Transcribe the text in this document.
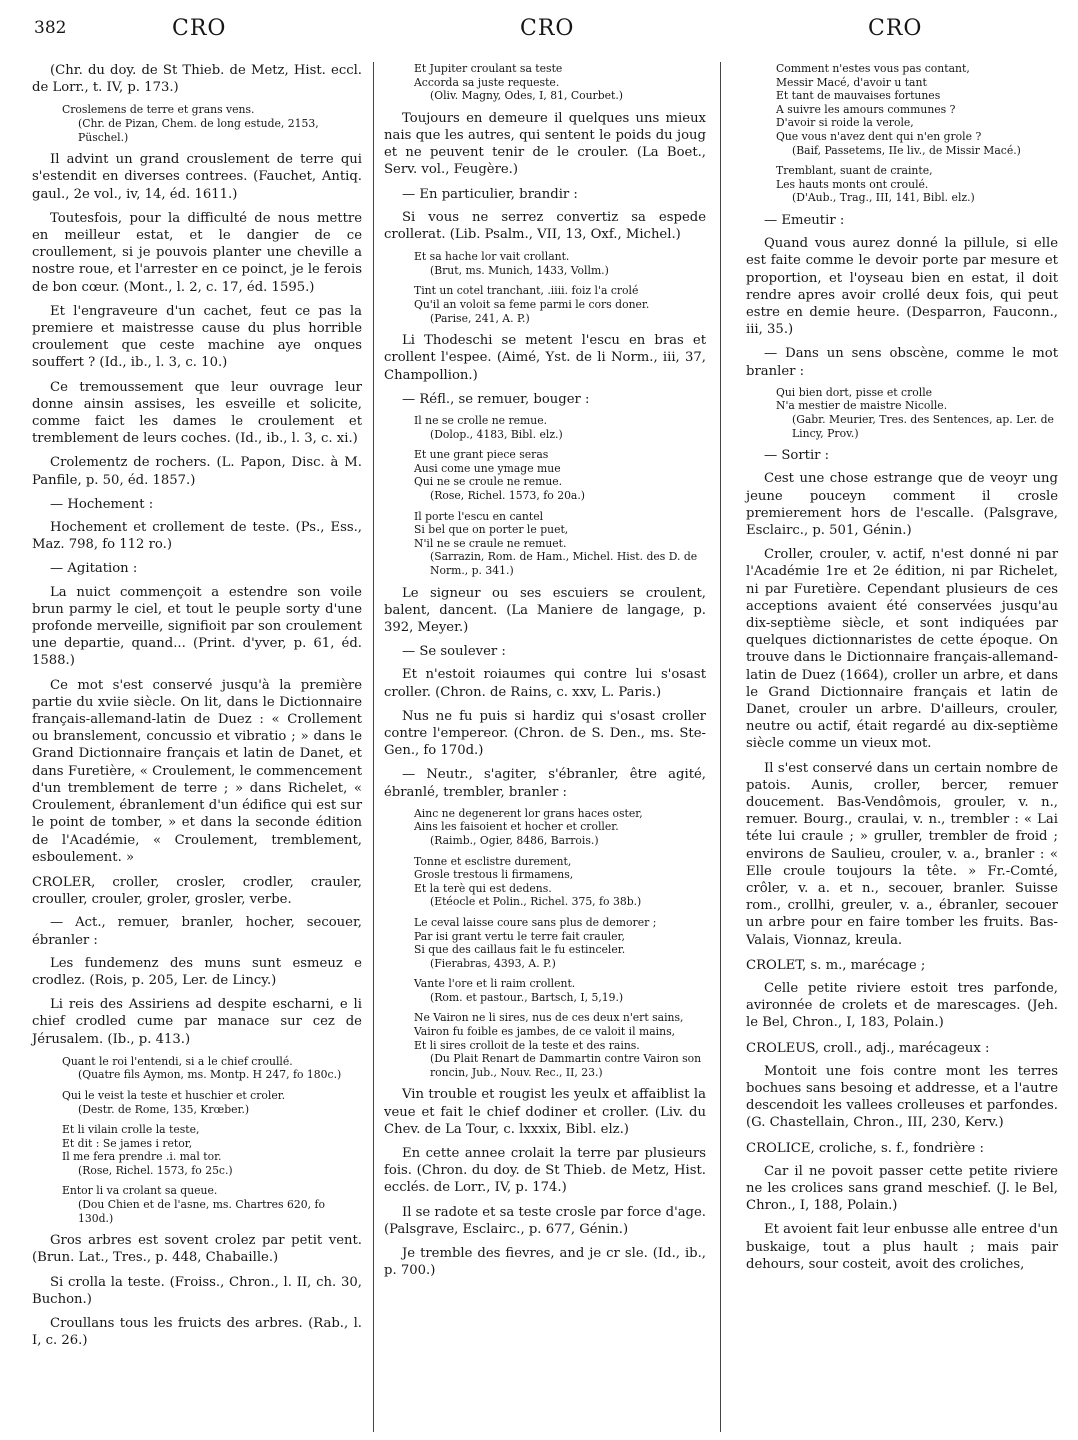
382	CRO	CRO	CRO

(Chr. du doy. de St Thieb. de Metz, Hist. eccl. de Lorr., t. IV, p. 173.)

Croslemens de terre et grans vens.
(Chr. de Pizan, Chem. de long estude, 2153, Püschel.)

Il advint un grand crouslement de terre qui s'estendit en diverses contrees. (Fauchet, Antiq. gaul., 2e vol., iv, 14, éd. 1611.)

Toutesfois, pour la difficulté de nous mettre en meilleur estat, et le dangier de ce croullement, si je pouvois planter une cheville a nostre roue, et l'arrester en ce poinct, je le ferois de bon cœur. (Mont., l. 2, c. 17, éd. 1595.)

Et l'engraveure d'un cachet, feut ce pas la premiere et maistresse cause du plus horrible croulement que ceste machine aye onques souffert ? (Id., ib., l. 3, c. 10.)

Ce tremoussement que leur ouvrage leur donne ainsin assises, les esveille et solicite, comme faict les dames le croulement et tremblement de leurs coches. (Id., ib., l. 3, c. xi.)

Crolementz de rochers. (L. Papon, Disc. à M. Panfile, p. 50, éd. 1857.)

— Hochement :

Hochement et crollement de teste. (Ps., Ess., Maz. 798, fo 112 ro.)

— Agitation :

La nuict commençoit a estendre son voile brun parmy le ciel, et tout le peuple sorty d'une profonde merveille, signifioit par son croulement une departie, quand... (Print. d'yver, p. 61, éd. 1588.)

Ce mot s'est conservé jusqu'à la première partie du xviie siècle. On lit, dans le Dictionnaire français-allemand-latin de Duez : « Crollement ou branslement, concussio et vibratio ; » dans le Grand Dictionnaire français et latin de Danet, et dans Furetière, « Croulement, le commencement d'un tremblement de terre ; » dans Richelet, « Croulement, ébranlement d'un édifice qui est sur le point de tomber, » et dans la seconde édition de l'Académie, « Croulement, tremblement, esboulement. »

CROLER, croller, crosler, crodler, crauler, crouller, crouler, groler, grosler, verbe.

— Act., remuer, branler, hocher, secouer, ébranler :

Les fundemenz des muns sunt esmeuz e crodlez. (Rois, p. 205, Ler. de Lincy.)

Li reis des Assiriens ad despite escharni, e li chief crodled cume par manace sur cez de Jérusalem. (Ib., p. 413.)

Quant le roi l'entendi, si a le chief croullé.
(Quatre fils Aymon, ms. Montp. H 247, fo 180c.)
Qui le veist la teste et huschier et croler.
(Destr. de Rome, 135, Krœber.)
Et li vilain crolle la teste,
Et dit : Se james i retor,
Il me fera prendre .i. mal tor.
(Rose, Richel. 1573, fo 25c.)
Entor li va crolant sa queue.
(Dou Chien et de l'asne, ms. Chartres 620, fo 130d.)

Gros arbres est sovent crolez par petit vent. (Brun. Lat., Tres., p. 448, Chabaille.)

Si crolla la teste. (Froiss., Chron., l. II, ch. 30, Buchon.)

Croullans tous les fruicts des arbres. (Rab., l. I, c. 26.)

Et Jupiter croulant sa teste
Accorda sa juste requeste.
(Oliv. Magny, Odes, I, 81, Courbet.)

Toujours en demeure il quelques uns mieux nais que les autres, qui sentent le poids du joug et ne peuvent tenir de le crouler. (La Boet., Serv. vol., Feugère.)

— En particulier, brandir :

Si vous ne serrez convertiz sa espede crollerat. (Lib. Psalm., VII, 13, Oxf., Michel.)

Et sa hache lor vait crollant.
(Brut, ms. Munich, 1433, Vollm.)
Tint un cotel tranchant, .iiii. foiz l'a crolé
Qu'il an voloit sa feme parmi le cors doner.
(Parise, 241, A. P.)

Li Thodeschi se metent l'escu en bras et crollent l'espee. (Aimé, Yst. de li Norm., iii, 37, Champollion.)

— Réfl., se remuer, bouger :

Il ne se crolle ne remue.
(Dolop., 4183, Bibl. elz.)
Et une grant piece seras
Ausi come une ymage mue
Qui ne se croule ne remue.
(Rose, Richel. 1573, fo 20a.)
Il porte l'escu en cantel
Si bel que on porter le puet,
N'il ne se craule ne remuet.
(Sarrazin, Rom. de Ham., Michel. Hist. des D. de Norm., p. 341.)

Le signeur ou ses escuiers se croulent, balent, dancent. (La Maniere de langage, p. 392, Meyer.)

— Se soulever :

Et n'estoit roiaumes qui contre lui s'osast croller. (Chron. de Rains, c. xxv, L. Paris.)

Nus ne fu puis si hardiz qui s'osast croller contre l'empereor. (Chron. de S. Den., ms. Ste-Gen., fo 170d.)

— Neutr., s'agiter, s'ébranler, être agité, ébranlé, trembler, branler :

Ainc ne degenerent lor grans haces oster,
Ains les faisoient et hocher et croller.
(Raimb., Ogier, 8486, Barrois.)
Tonne et esclistre durement,
Grosle trestous li firmamens,
Et la terè qui est dedens.
(Etéocle et Polin., Richel. 375, fo 38b.)
Le ceval laisse coure sans plus de demorer ;
Par isi grant vertu le terre fait crauler,
Si que des caillaus fait le fu estinceler.
(Fierabras, 4393, A. P.)
Vante l'ore et li raim crollent.
(Rom. et pastour., Bartsch, I, 5,19.)
Ne Vairon ne li sires, nus de ces deux n'ert sains,
Vairon fu foible es jambes, de ce valoit il mains,
Et li sires crolloit de la teste et des rains.
(Du Plait Renart de Dammartin contre Vairon son roncin, Jub., Nouv. Rec., II, 23.)

Vin trouble et rougist les yeulx et affaiblist la veue et fait le chief dodiner et croller. (Liv. du Chev. de La Tour, c. lxxxix, Bibl. elz.)

En cette annee crolait la terre par plusieurs fois. (Chron. du doy. de St Thieb. de Metz, Hist. ecclés. de Lorr., IV, p. 174.)

Il se radote et sa teste crosle par force d'age. (Palsgrave, Esclairc., p. 677, Génin.)

Je tremble des fievres, and je cr sle. (Id., ib., p. 700.)

Comment n'estes vous pas contant,
Messir Macé, d'avoir u tant
Et tant de mauvaises fortunes
A suivre les amours communes ?
D'avoir si roide la verole,
Que vous n'avez dent qui n'en grole ?
(Baif, Passetems, IIe liv., de Missir Macé.)
Tremblant, suant de crainte,
Les hauts monts ont croulé.
(D'Aub., Trag., III, 141, Bibl. elz.)

— Emeutir :

Quand vous aurez donné la pillule, si elle est faite comme le devoir porte par mesure et proportion, et l'oyseau bien en estat, il doit rendre apres avoir crollé deux fois, qui peut estre en demie heure. (Desparron, Fauconn., iii, 35.)

— Dans un sens obscène, comme le mot branler :

Qui bien dort, pisse et crolle
N'a mestier de maistre Nicolle.
(Gabr. Meurier, Tres. des Sentences, ap. Ler. de Lincy, Prov.)

— Sortir :

Cest une chose estrange que de veoyr ung jeune pouceyn comment il crosle premierement hors de l'escalle. (Palsgrave, Esclairc., p. 501, Génin.)

Croller, crouler, v. actif, n'est donné ni par l'Académie 1re et 2e édition, ni par Richelet, ni par Furetière. Cependant plusieurs de ces acceptions avaient été conservées jusqu'au dix-septième siècle, et sont indiquées par quelques dictionnaristes de cette époque. On trouve dans le Dictionnaire français-allemand-latin de Duez (1664), croller un arbre, et dans le Grand Dictionnaire français et latin de Danet, crouler un arbre. D'ailleurs, crouler, neutre ou actif, était regardé au dix-septième siècle comme un vieux mot.

Il s'est conservé dans un certain nombre de patois. Aunis, croller, bercer, remuer doucement. Bas-Vendômois, grouler, v. n., remuer. Bourg., craulai, v. n., trembler : « Lai téte lui craule ; » gruller, trembler de froid ; environs de Saulieu, crouler, v. a., branler : « Elle croule toujours la tête. » Fr.-Comté, crôler, v. a. et n., secouer, branler. Suisse rom., crollhi, greuler, v. a., ébranler, secouer un arbre pour en faire tomber les fruits. Bas-Valais, Vionnaz, kreula.

CROLET, s. m., marécage ;

Celle petite riviere estoit tres parfonde, avironnée de crolets et de marescages. (Jeh. le Bel, Chron., I, 183, Polain.)

CROLEUS, croll., adj., marécageux :

Montoit une fois contre mont les terres bochues sans besoing et addresse, et a l'autre descendoit les vallees crolleuses et parfondes. (G. Chastellain, Chron., III, 230, Kerv.)

CROLICE, croliche, s. f., fondrière :

Car il ne povoit passer cette petite riviere ne les crolices sans grand meschief. (J. le Bel, Chron., I, 188, Polain.)

Et avoient fait leur enbusse alle entree d'un buskaige, tout a plus hault ; mais pair dehours, sour costeit, avoit des croliches,
